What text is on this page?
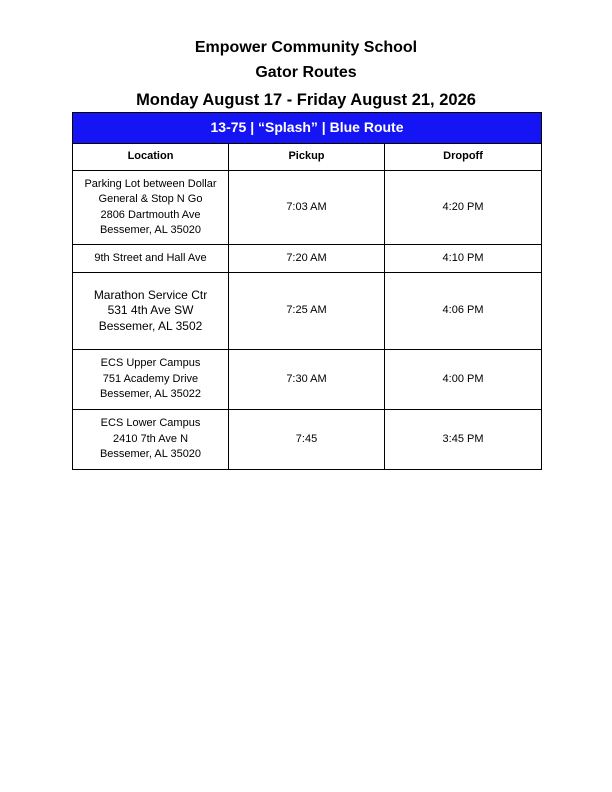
Empower Community School
Gator Routes
Monday August 17 - Friday August 21, 2026
13-75 | “Splash” | Blue Route		
Location	Pickup	Dropoff

Parking Lot between Dollar
General & Stop N Go
2806 Dartmouth Ave
Bessemer, AL 35020	7:03 AM	4:20 PM

9th Street and Hall Ave	7:20 AM	4:10 PM

Marathon Service Ctr
531 4th Ave SW
Bessemer, AL 3502	7:25 AM	4:06 PM

ECS Upper Campus
751 Academy Drive
Bessemer, AL 35022	7:30 AM	4:00 PM

ECS Lower Campus
2410 7th Ave N
Bessemer, AL 35020	7:45	3:45 PM
